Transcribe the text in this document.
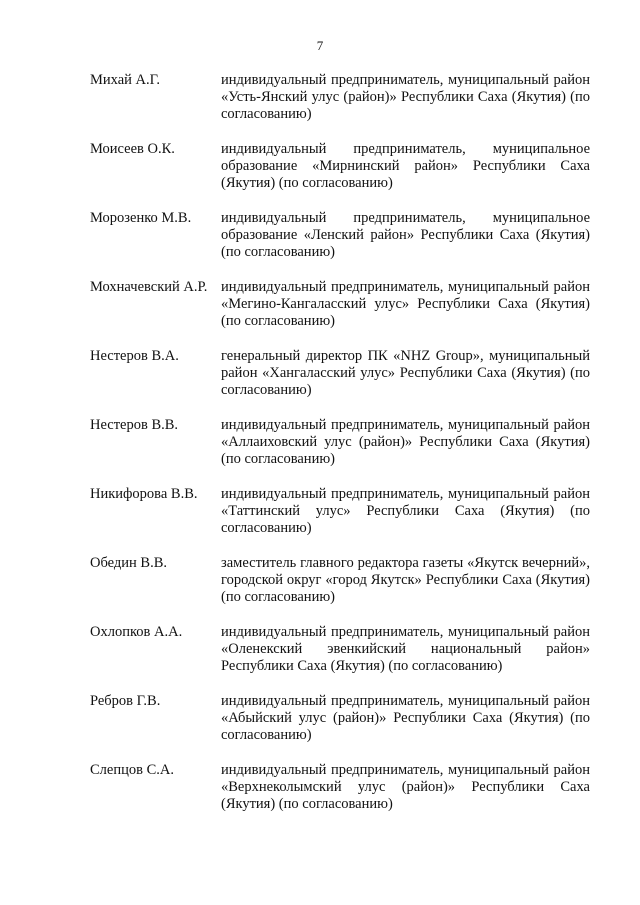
7
Михай А.Г.	индивидуальный предприниматель, муниципальный район «Усть-Янский улус (район)» Республики Саха (Якутия) (по согласованию)
Моисеев О.К.	индивидуальный предприниматель, муниципальное образование «Мирнинский район» Республики Саха (Якутия) (по согласованию)
Морозенко М.В.	индивидуальный предприниматель, муниципальное образование «Ленский район» Республики Саха (Якутия) (по согласованию)
Мохначевский А.Р. индивидуальный предприниматель, муниципальный район «Мегино-Кангаласский улус» Республики Саха (Якутия) (по согласованию)
Нестеров В.А.	генеральный директор ПК «NHZ Group», муниципальный район «Хангаласский улус» Республики Саха (Якутия) (по согласованию)
Нестеров В.В.	индивидуальный предприниматель, муниципальный район «Аллаиховский улус (район)» Республики Саха (Якутия) (по согласованию)
Никифорова В.В.	индивидуальный предприниматель, муниципальный район «Таттинский улус» Республики Саха (Якутия) (по согласованию)
Обедин В.В.	заместитель главного редактора газеты «Якутск вечерний», городской округ «город Якутск» Республики Саха (Якутия) (по согласованию)
Охлопков А.А.	индивидуальный предприниматель, муниципальный район «Оленекский эвенкийский национальный район» Республики Саха (Якутия) (по согласованию)
Ребров Г.В.	индивидуальный предприниматель, муниципальный район «Абыйский улус (район)» Республики Саха (Якутия) (по согласованию)
Слепцов С.А.	индивидуальный предприниматель, муниципальный район «Верхнеколымский улус (район)» Республики Саха (Якутия) (по согласованию)
